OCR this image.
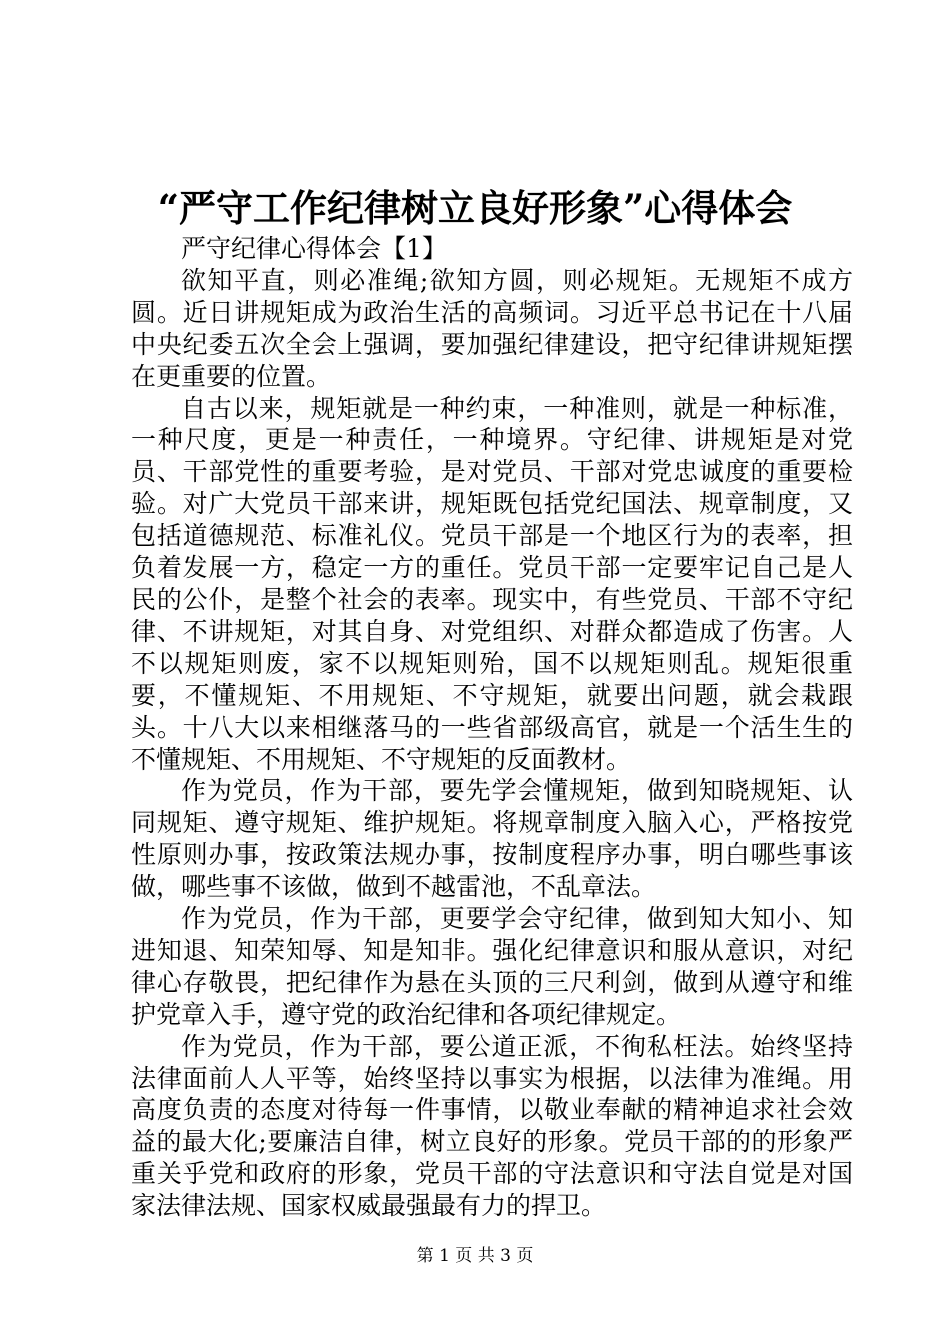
“严守工作纪律树立良好形象”心得体会

严守纪律心得体会【1】

欲知平直，则必准绳;欲知方圆，则必规矩。无规矩不成方圆。近日讲规矩成为政治生活的高频词。习近平总书记在十八届中央纪委五次全会上强调，要加强纪律建设，把守纪律讲规矩摆在更重要的位置。

自古以来，规矩就是一种约束，一种准则，就是一种标准，一种尺度，更是一种责任，一种境界。守纪律、讲规矩是对党员、干部党性的重要考验，是对党员、干部对党忠诚度的重要检验。对广大党员干部来讲，规矩既包括党纪国法、规章制度，又包括道德规范、标准礼仪。党员干部是一个地区行为的表率，担负着发展一方，稳定一方的重任。党员干部一定要牢记自己是人民的公仆，是整个社会的表率。现实中，有些党员、干部不守纪律、不讲规矩，对其自身、对党组织、对群众都造成了伤害。人不以规矩则废，家不以规矩则殆，国不以规矩则乱。规矩很重要，不懂规矩、不用规矩、不守规矩，就要出问题，就会栽跟头。十八大以来相继落马的一些省部级高官，就是一个活生生的不懂规矩、不用规矩、不守规矩的反面教材。

作为党员，作为干部，要先学会懂规矩，做到知晓规矩、认同规矩、遵守规矩、维护规矩。将规章制度入脑入心，严格按党性原则办事，按政策法规办事，按制度程序办事，明白哪些事该做，哪些事不该做，做到不越雷池，不乱章法。

作为党员，作为干部，更要学会守纪律，做到知大知小、知进知退、知荣知辱、知是知非。强化纪律意识和服从意识，对纪律心存敬畏，把纪律作为悬在头顶的三尺利剑，做到从遵守和维护党章入手，遵守党的政治纪律和各项纪律规定。

作为党员，作为干部，要公道正派，不徇私枉法。始终坚持法律面前人人平等，始终坚持以事实为根据，以法律为准绳。用高度负责的态度对待每一件事情，以敬业奉献的精神追求社会效益的最大化;要廉洁自律，树立良好的形象。党员干部的的形象严重关乎党和政府的形象，党员干部的守法意识和守法自觉是对国家法律法规、国家权威最强最有力的捍卫。

第 1 页 共 3 页
